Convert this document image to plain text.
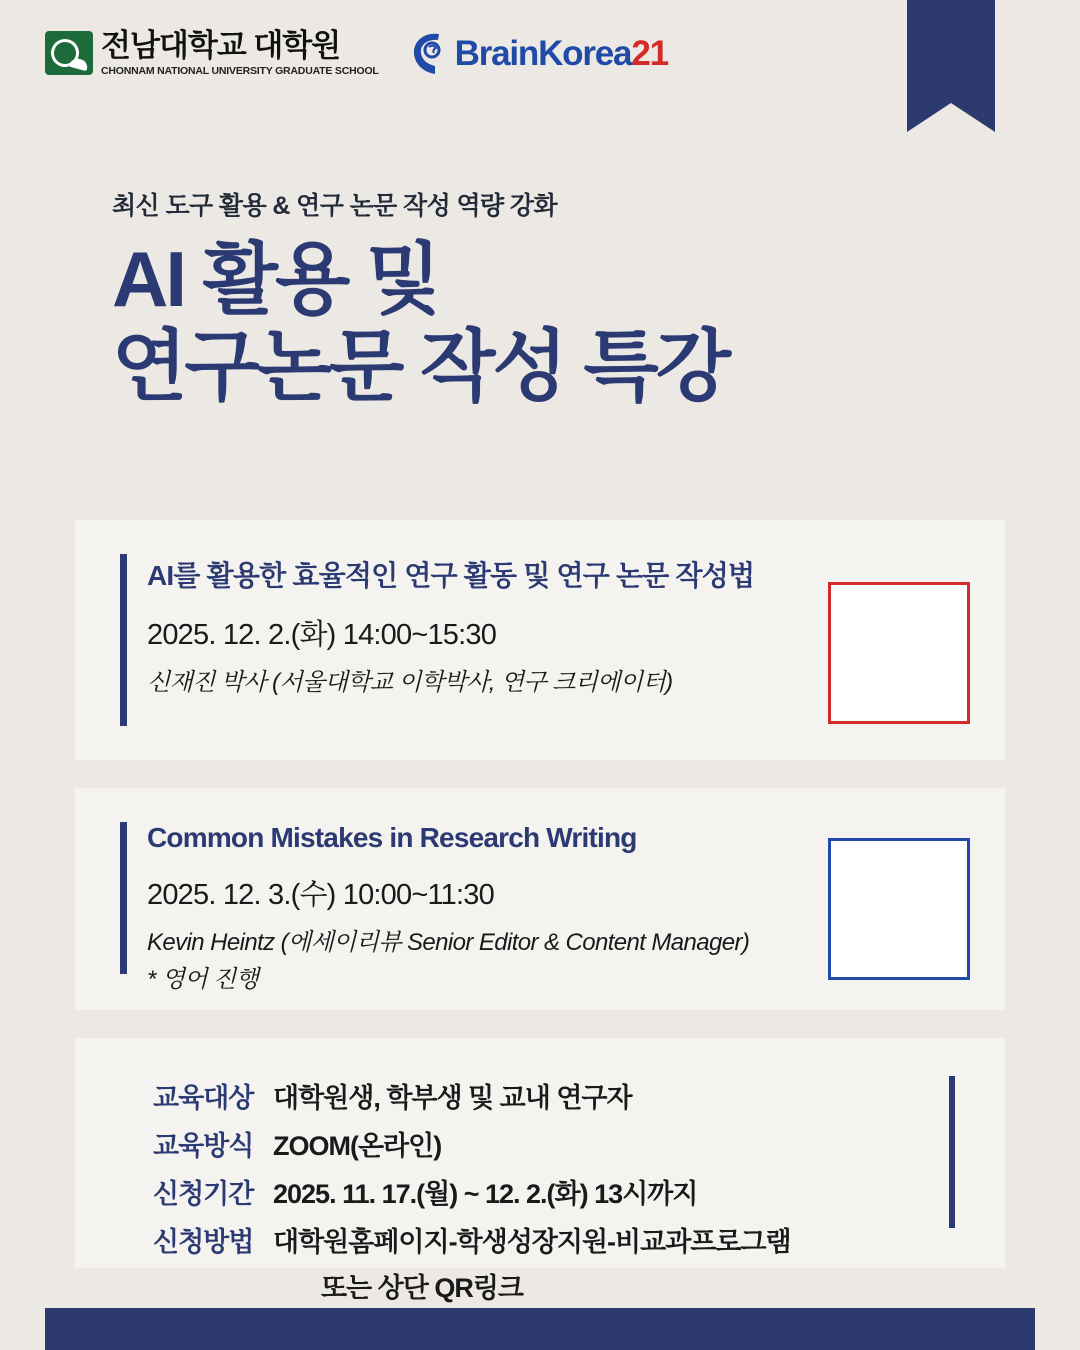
전남대학교 대학원
CHONNAM NATIONAL UNIVERSITY GRADUATE SCHOOL BrainKorea21
최신 도구 활용 & 연구 논문 작성 역량 강화
AI 활용 및
연구논문 작성 특강
AI를 활용한 효율적인 연구 활동 및 연구 논문 작성법
2025. 12. 2.(화) 14:00~15:30
신재진 박사 (서울대학교 이학박사, 연구 크리에이터)
Common Mistakes in Research Writing
2025. 12. 3.(수) 10:00~11:30
Kevin Heintz (에세이리뷰 Senior Editor & Content Manager)
* 영어 진행
교육대상 대학원생, 학부생 및 교내 연구자
교육방식 ZOOM(온라인)
신청기간 2025. 11. 17.(월) ~ 12. 2.(화) 13시까지
신청방법 대학원홈페이지-학생성장지원-비교과프로그램
또는 상단 QR링크
